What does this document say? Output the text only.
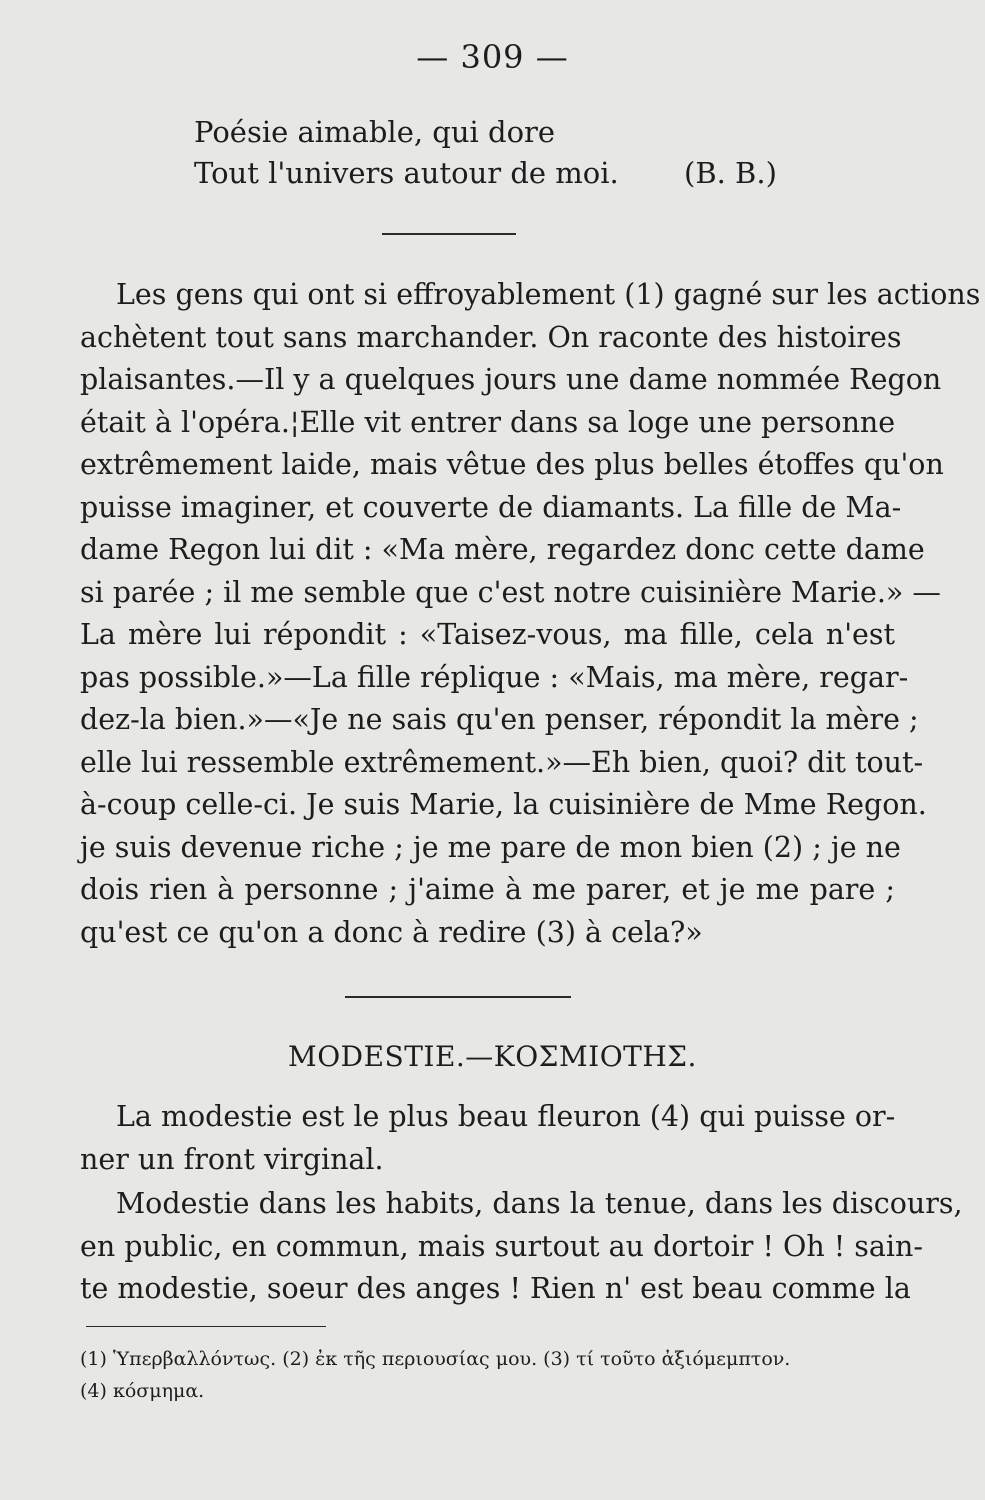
— 309 —
Poésie aimable, qui dore
Tout l'univers autour de moi. (B. B.)
Les gens qui ont si effroyablement (1) gagné sur les actions
achètent tout sans marchander. On raconte des histoires
plaisantes.—Il y a quelques jours une dame nommée Regon
était à l'opéra.¦Elle vit entrer dans sa loge une personne
extrêmement laide, mais vêtue des plus belles étoffes qu'on
puisse imaginer, et couverte de diamants. La fille de Ma-
dame Regon lui dit : «Ma mère, regardez donc cette dame
si parée ; il me semble que c'est notre cuisinière Marie.» —
La mère lui répondit : «Taisez-vous, ma fille, cela n'est
pas possible.»—La fille réplique : «Mais, ma mère, regar-
dez-la bien.»—«Je ne sais qu'en penser, répondit la mère ;
elle lui ressemble extrêmement.»—Eh bien, quoi? dit tout-
à-coup celle-ci. Je suis Marie, la cuisinière de Mme Regon.
je suis devenue riche ; je me pare de mon bien (2) ; je ne
dois rien à personne ; j'aime à me parer, et je me pare ;
qu'est ce qu'on a donc à redire (3) à cela?»
MODESTIE.—ΚΟΣΜΙΟΤΗΣ.
La modestie est le plus beau fleuron (4) qui puisse or-
ner un front virginal.
Modestie dans les habits, dans la tenue, dans les discours,
en public, en commun, mais surtout au dortoir ! Oh ! sain-
te modestie, soeur des anges ! Rien n' est beau comme la
(1) Ὑπερβαλλόντως. (2) ἐκ τῆς περιουσίας μου. (3) τί τοῦτο ἀξιόμεμπτον.
(4) κόσμημα.
